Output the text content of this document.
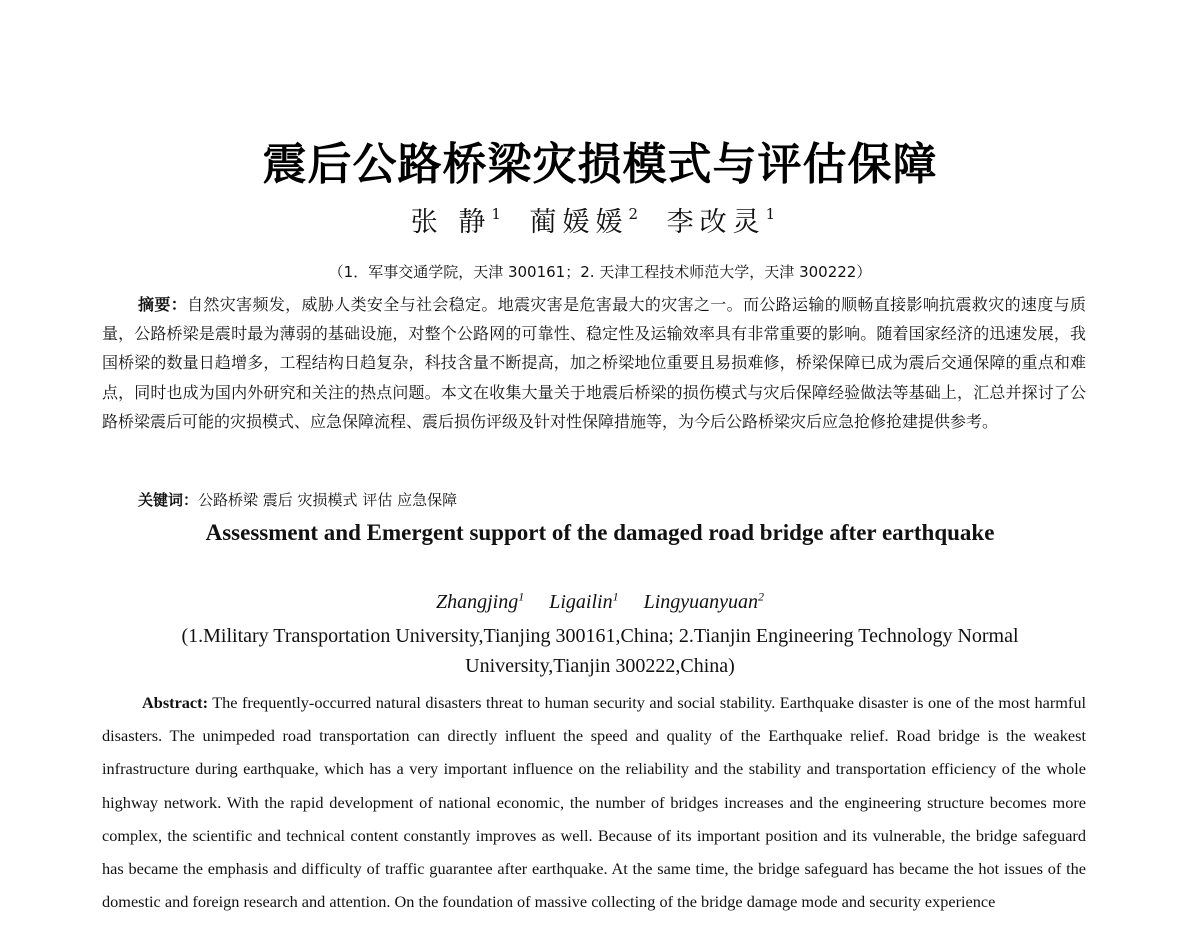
震后公路桥梁灾损模式与评估保障
张 静$^1$ 蔺媛媛$^2$ 李改灵$^1$
（1．军事交通学院，天津 300161；2. 天津工程技术师范大学，天津 300222）

摘要：自然灾害频发，威胁人类安全与社会稳定。地震灾害是危害最大的灾害之一。而公路运输的顺畅直接影响抗震救灾的速度与质量，公路桥梁是震时最为薄弱的基础设施，对整个公路网的可靠性、稳定性及运输效率具有非常重要的影响。随着国家经济的迅速发展，我国桥梁的数量日趋增多，工程结构日趋复杂，科技含量不断提高，加之桥梁地位重要且易损难修，桥梁保障已成为震后交通保障的重点和难点，同时也成为国内外研究和关注的热点问题。本文在收集大量关于地震后桥梁的损伤模式与灾后保障经验做法等基础上，汇总并探讨了公路桥梁震后可能的灾损模式、应急保障流程、震后损伤评级及针对性保障措施等，为今后公路桥梁灾后应急抢修抢建提供参考。

关键词：公路桥梁 震后 灾损模式 评估 应急保障
Assessment and Emergent support of the damaged road bridge after earthquake
Zhangjing$^1$ Ligailin$^1$ Lingyuanyuan$^2$
(1.Military Transportation University,Tianjing 300161,China; 2.Tianjin Engineering Technology Normal University,Tianjin 300222,China)

Abstract: The frequently-occurred natural disasters threat to human security and social stability. Earthquake disaster is one of the most harmful disasters. The unimpeded road transportation can directly influent the speed and quality of the Earthquake relief. Road bridge is the weakest infrastructure during earthquake, which has a very important influence on the reliability and the stability and transportation efficiency of the whole highway network. With the rapid development of national economic, the number of bridges increases and the engineering structure becomes more complex, the scientific and technical content constantly improves as well. Because of its important position and its vulnerable, the bridge safeguard has became the emphasis and difficulty of traffic guarantee after earthquake. At the same time, the bridge safeguard has became the hot issues of the domestic and foreign research and attention. On the foundation of massive collecting of the bridge damage mode and security experience
